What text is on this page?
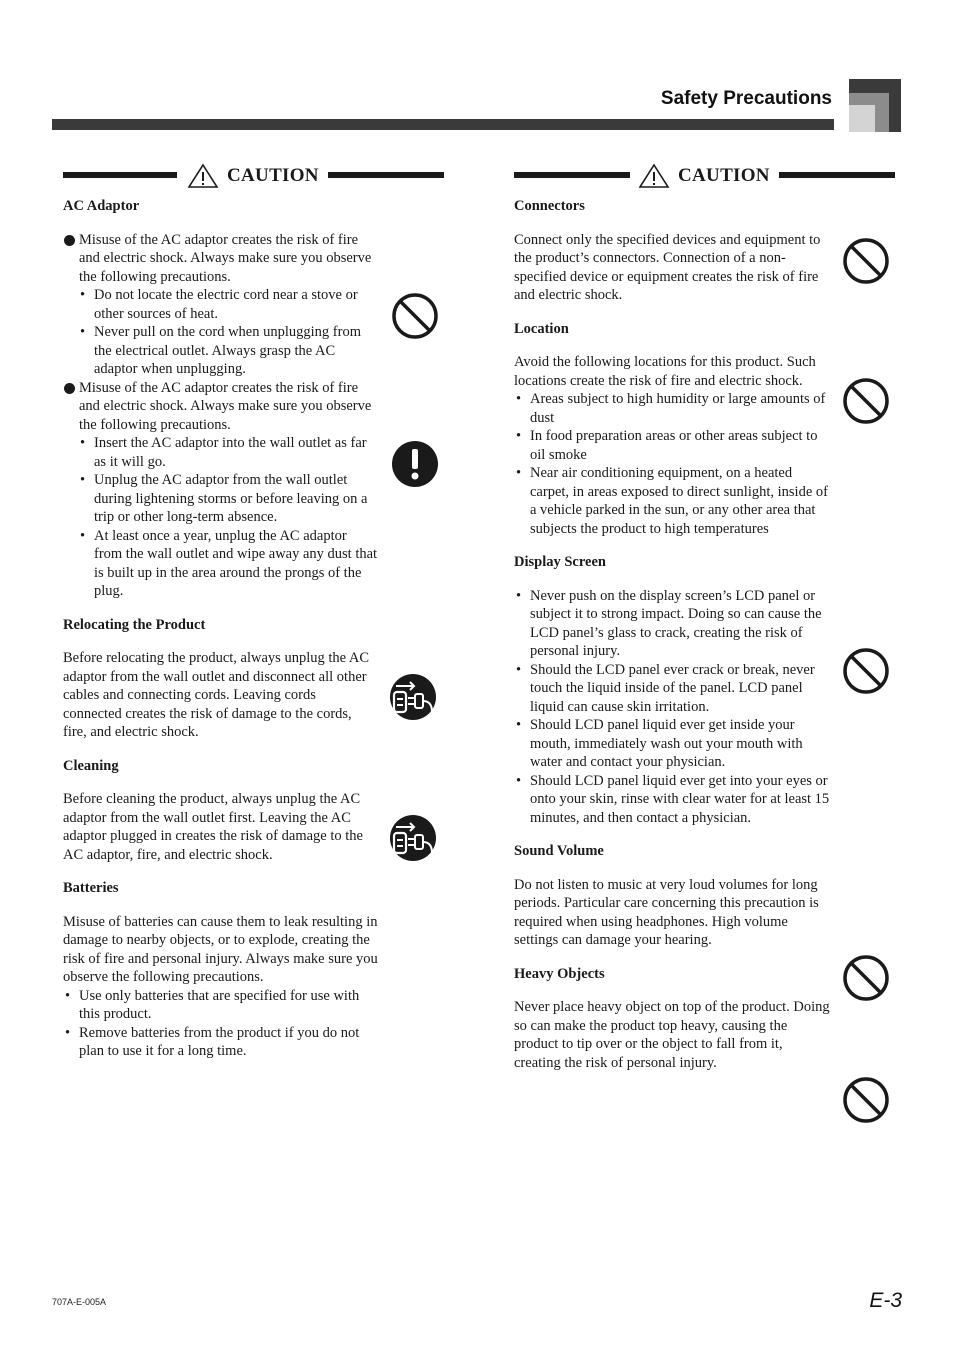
Safety Precautions
CAUTION
AC Adaptor

Misuse of the AC adaptor creates the risk of fire and electric shock. Always make sure you observe the following precautions.

• Do not locate the electric cord near a stove or other sources of heat.
• Never pull on the cord when unplugging from the electrical outlet. Always grasp the AC adaptor when unplugging.

Misuse of the AC adaptor creates the risk of fire and electric shock. Always make sure you observe the following precautions.

• Insert the AC adaptor into the wall outlet as far as it will go.
• Unplug the AC adaptor from the wall outlet during lightening storms or before leaving on a trip or other long-term absence.
• At least once a year, unplug the AC adaptor from the wall outlet and wipe away any dust that is built up in the area around the prongs of the plug.
Relocating the Product

Before relocating the product, always unplug the AC adaptor from the wall outlet and disconnect all other cables and connecting cords. Leaving cords connected creates the risk of damage to the cords, fire, and electric shock.

Cleaning

Before cleaning the product, always unplug the AC adaptor from the wall outlet first. Leaving the AC adaptor plugged in creates the risk of damage to the AC adaptor, fire, and electric shock.

Batteries

Misuse of batteries can cause them to leak resulting in damage to nearby objects, or to explode, creating the risk of fire and personal injury. Always make sure you observe the following precautions.

• Use only batteries that are specified for use with this product.
• Remove batteries from the product if you do not plan to use it for a long time.
CAUTION
Connectors

Connect only the specified devices and equipment to the product’s connectors. Connection of a non-specified device or equipment creates the risk of fire and electric shock.

Location

Avoid the following locations for this product. Such locations create the risk of fire and electric shock.

• Areas subject to high humidity or large amounts of dust
• In food preparation areas or other areas subject to oil smoke
• Near air conditioning equipment, on a heated carpet, in areas exposed to direct sunlight, inside of a vehicle parked in the sun, or any other area that subjects the product to high temperatures
Display Screen
• Never push on the display screen’s LCD panel or subject it to strong impact. Doing so can cause the LCD panel’s glass to crack, creating the risk of personal injury.
• Should the LCD panel ever crack or break, never touch the liquid inside of the panel. LCD panel liquid can cause skin irritation.
• Should LCD panel liquid ever get inside your mouth, immediately wash out your mouth with water and contact your physician.
• Should LCD panel liquid ever get into your eyes or onto your skin, rinse with clear water for at least 15 minutes, and then contact a physician.
Sound Volume

Do not listen to music at very loud volumes for long periods. Particular care concerning this precaution is required when using headphones. High volume settings can damage your hearing.

Heavy Objects

Never place heavy object on top of the product. Doing so can make the product top heavy, causing the product to tip over or the object to fall from it, creating the risk of personal injury.

707A-E-005A	E-3
